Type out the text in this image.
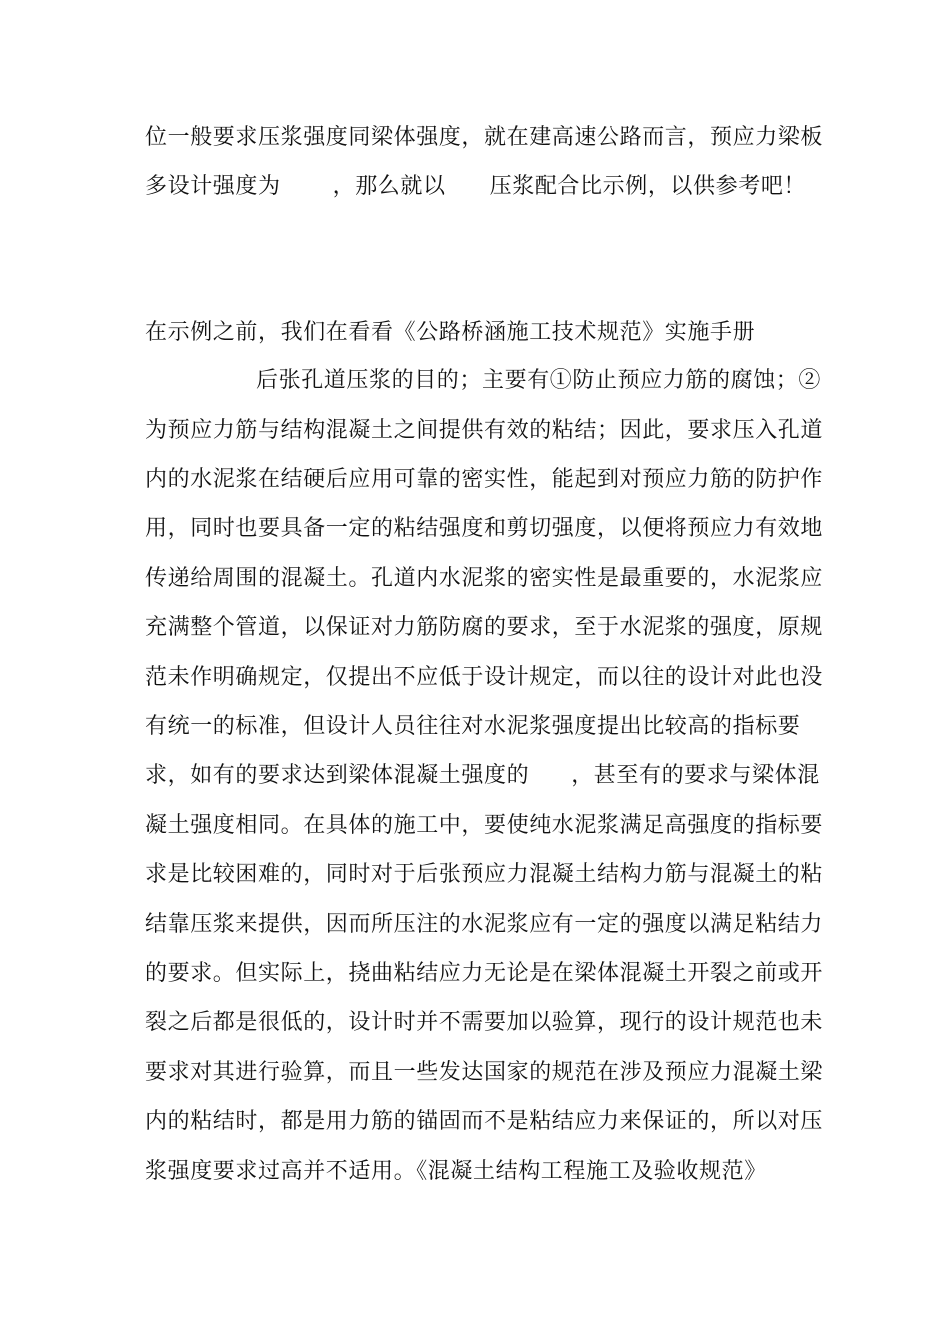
位一般要求压浆强度同梁体强度，就在建高速公路而言，预应力梁板
多设计强度为 ，那么就以 压浆配合比示例，以供参考吧！
在示例之前，我们在看看《公路桥涵施工技术规范》实施手册
后张孔道压浆的目的；主要有①防止预应力筋的腐蚀；②
为预应力筋与结构混凝土之间提供有效的粘结；因此，要求压入孔道
内的水泥浆在结硬后应用可靠的密实性，能起到对预应力筋的防护作
用，同时也要具备一定的粘结强度和剪切强度，以便将预应力有效地
传递给周围的混凝土。孔道内水泥浆的密实性是最重要的，水泥浆应
充满整个管道，以保证对力筋防腐的要求，至于水泥浆的强度，原规
范未作明确规定，仅提出不应低于设计规定，而以往的设计对此也没
有统一的标准，但设计人员往往对水泥浆强度提出比较高的指标要
求，如有的要求达到梁体混凝土强度的 ，甚至有的要求与梁体混
凝土强度相同。在具体的施工中，要使纯水泥浆满足高强度的指标要
求是比较困难的，同时对于后张预应力混凝土结构力筋与混凝土的粘
结靠压浆来提供，因而所压注的水泥浆应有一定的强度以满足粘结力
的要求。但实际上，挠曲粘结应力无论是在梁体混凝土开裂之前或开
裂之后都是很低的，设计时并不需要加以验算，现行的设计规范也未
要求对其进行验算，而且一些发达国家的规范在涉及预应力混凝土梁
内的粘结时，都是用力筋的锚固而不是粘结应力来保证的，所以对压
浆强度要求过高并不适用。《混凝土结构工程施工及验收规范》
